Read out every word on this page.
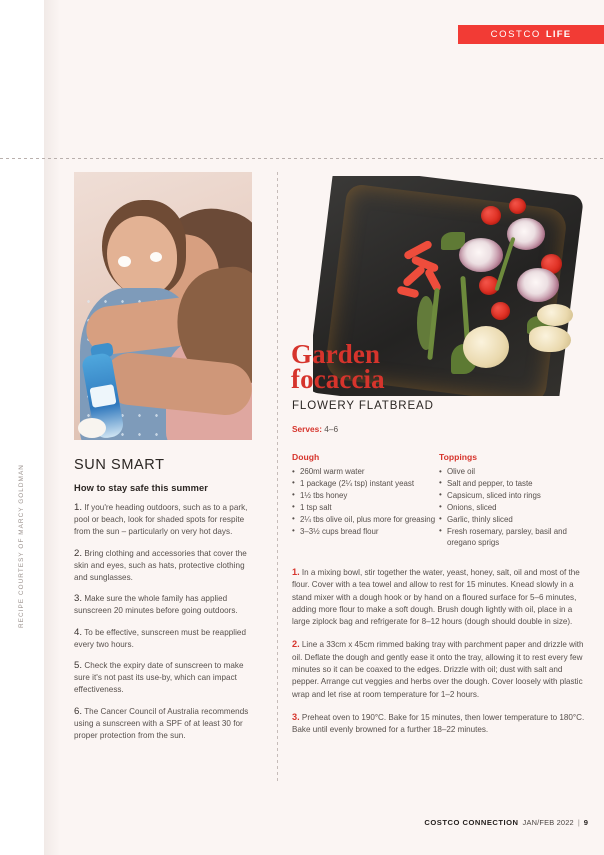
COSTCO LIFE
SUN SMART
How to stay safe this summer

1. If you're heading outdoors, such as to a park, pool or beach, look for shaded spots for respite from the sun – particularly on very hot days.

2. Bring clothing and accessories that cover the skin and eyes, such as hats, protective clothing and sunglasses.

3. Make sure the whole family has applied sunscreen 20 minutes before going outdoors.

4. To be effective, sunscreen must be reapplied every two hours.

5. Check the expiry date of sunscreen to make sure it's not past its use-by, which can impact effectiveness.

6. The Cancer Council of Australia recommends using a sunscreen with a SPF of at least 30 for proper protection from the sun.

RECIPE COURTESY OF MARCY GOLDMAN
Garden
focaccia
FLOWERY FLATBREAD
Serves: 4–6
Dough
• 260ml warm water
• 1 package (2¼ tsp) instant yeast
• 1½ tbs honey
• 1 tsp salt
• 2¼ tbs olive oil, plus more for greasing
• 3–3½ cups bread flour
Toppings
• Olive oil
• Salt and pepper, to taste
• Capsicum, sliced into rings
• Onions, sliced
• Garlic, thinly sliced
• Fresh rosemary, parsley, basil and oregano sprigs

1. In a mixing bowl, stir together the water, yeast, honey, salt, oil and most of the flour. Cover with a tea towel and allow to rest for 15 minutes. Knead slowly in a stand mixer with a dough hook or by hand on a floured surface for 5–6 minutes, adding more flour to make a soft dough. Brush dough lightly with oil, place in a large ziplock bag and refrigerate for 8–12 hours (dough should double in size).

2. Line a 33cm x 45cm rimmed baking tray with parchment paper and drizzle with oil. Deflate the dough and gently ease it onto the tray, allowing it to rest every few minutes so it can be coaxed to the edges. Drizzle with oil; dust with salt and pepper. Arrange cut veggies and herbs over the dough. Cover loosely with plastic wrap and let rise at room temperature for 1–2 hours.

3. Preheat oven to 190°C. Bake for 15 minutes, then lower temperature to 180°C. Bake until evenly browned for a further 18–22 minutes.

COSTCO CONNECTION JAN/FEB 2022 | 9
